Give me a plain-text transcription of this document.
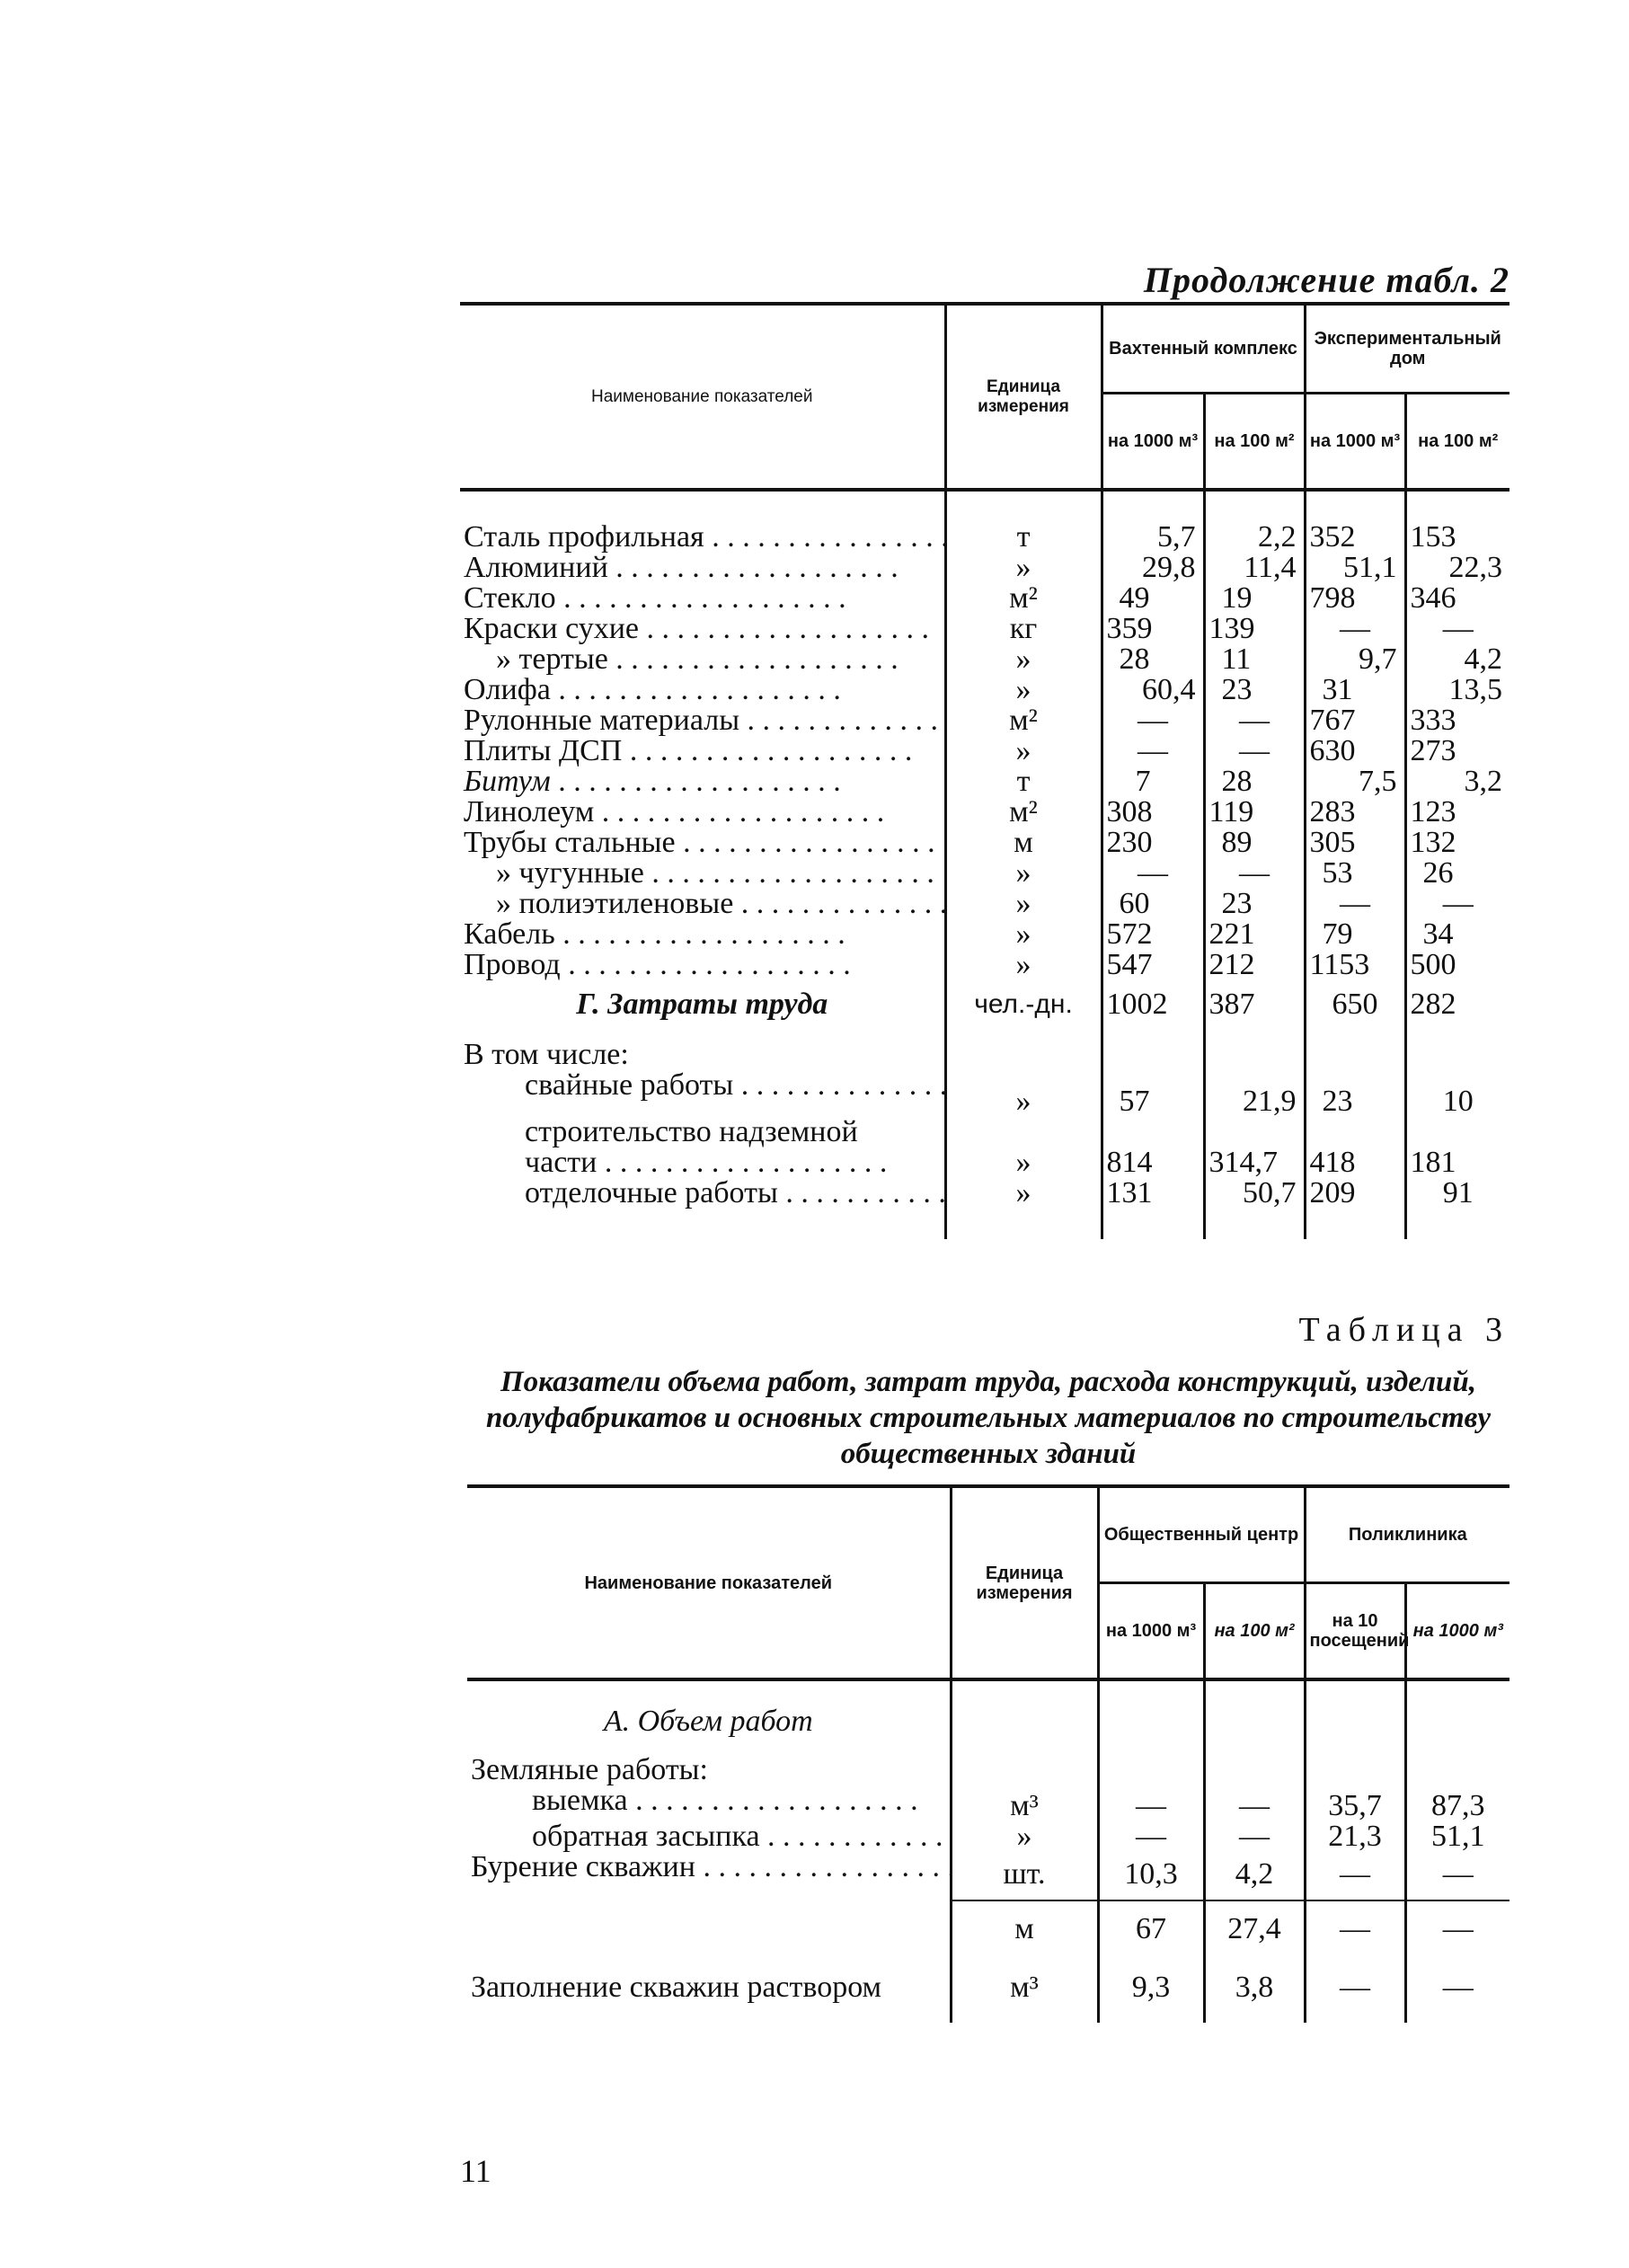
Продолжение табл. 2
Наименование показателей	Единица измерения	Вахтенный комплекс		Экспериментальный дом	
		на 1000 м³	на 100 м²	на 1000 м³	на 100 м²

Сталь профильная . . .	т	5,7	2,2	352	153
Алюминий . . .	»	29,8	11,4	51,1	22,3
Стекло . . .	м²	49	19	798	346
Краски сухие . . .	кг	359	139	—	—
» тертые . . .	»	28	11	9,7	4,2
Олифа . . .	»	60,4	23	31	13,5
Рулонные материалы . . .	м²	—	—	767	333
Плиты ДСП . . .	»	—	—	630	273
Битум . . .	т	7	28	7,5	3,2
Линолеум . . .	м²	308	119	283	123
Трубы стальные . . .	м	230	89	305	132
» чугунные . . .	»	—	—	53	26
» полиэтиленовые . . .	»	60	23	—	—
Кабель . . .	»	572	221	79	34
Провод . . .	»	547	212	1153	500
Г. Затраты труда	чел.-дн.	1002	387	650	282
В том числе:					
свайные работы . . .	»	57	21,9	23	10
строительство надземной					
части . . .	»	814	314,7	418	181
отделочные работы . . .	»	131	50,7	209	91

Таблица 3
Показатели объема работ, затрат труда, расхода конструкций, изделий, полуфабрикатов и основных строительных материалов по строительству общественных зданий
Наименование показателей	Единица измерения	Общественный центр		Поликлиника	
		на 1000 м³	на 100 м²	на 10 посещений	на 1000 м³
А. Объем работ					
Земляные работы:					
выемка . . .	м³	—	—	35,7	87,3
обратная засыпка . . .	»	—	—	21,3	51,1
Бурение скважин . . .	шт.	10,3	4,2	—	—
	м	67	27,4	—	—
Заполнение скважин раствором	м³	9,3	3,8	—	—

11
